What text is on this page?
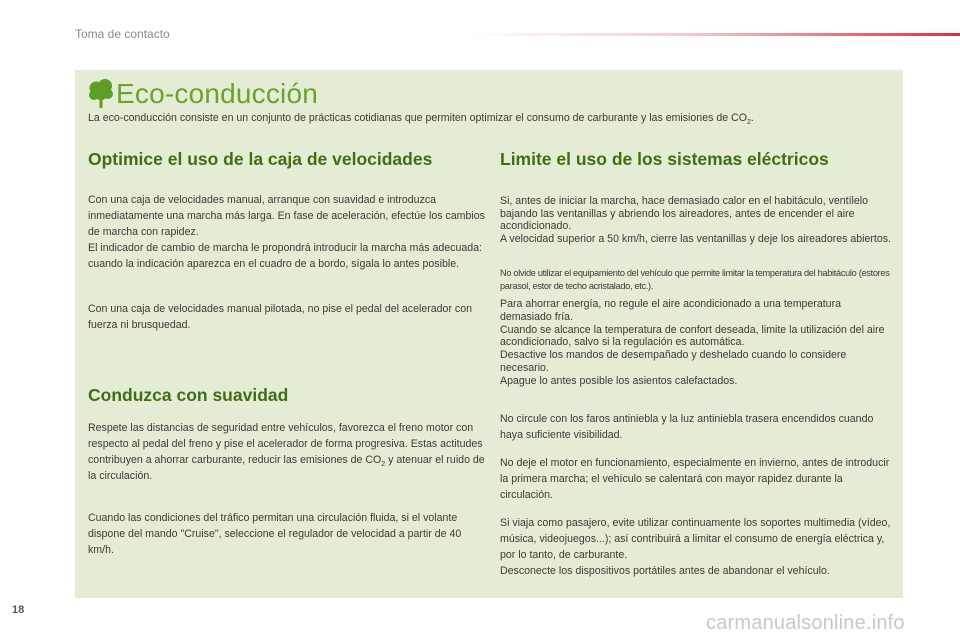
Toma de contacto
Eco-conducción
La eco-conducción consiste en un conjunto de prácticas cotidianas que permiten optimizar el consumo de carburante y las emisiones de $CO_2$.
Optimice el uso de la caja de velocidades
Con una caja de velocidades manual, arranque con suavidad e introduzca inmediatamente una marcha más larga. En fase de aceleración, efectúe los cambios de marcha con rapidez.
El indicador de cambio de marcha le propondrá introducir la marcha más adecuada: cuando la indicación aparezca en el cuadro de a bordo, sígala lo antes posible.
Con una caja de velocidades manual pilotada, no pise el pedal del acelerador con fuerza ni brusquedad.
Conduzca con suavidad
Respete las distancias de seguridad entre vehículos, favorezca el freno motor con respecto al pedal del freno y pise el acelerador de forma progresiva. Estas actitudes contribuyen a ahorrar carburante, reducir las emisiones de $CO_2$ y atenuar el ruido de la circulación.
Cuando las condiciones del tráfico permitan una circulación fluida, si el volante dispone del mando "Cruise", seleccione el regulador de velocidad a partir de 40 km/h.
Limite el uso de los sistemas eléctricos
Si, antes de iniciar la marcha, hace demasiado calor en el habitáculo, ventílelo bajando las ventanillas y abriendo los aireadores, antes de encender el aire acondicionado.
A velocidad superior a 50 km/h, cierre las ventanillas y deje los aireadores abiertos.
No olvide utilizar el equipamiento del vehículo que permite limitar la temperatura del habitáculo (estores parasol, estor de techo acristalado, etc.).
Para ahorrar energía, no regule el aire acondicionado a una temperatura demasiado fría.
Cuando se alcance la temperatura de confort deseada, limite la utilización del aire acondicionado, salvo si la regulación es automática.
Desactive los mandos de desempañado y deshelado cuando lo considere necesario.
Apague lo antes posible los asientos calefactados.
No circule con los faros antiniebla y la luz antiniebla trasera encendidos cuando haya suficiente visibilidad.
No deje el motor en funcionamiento, especialmente en invierno, antes de introducir la primera marcha; el vehículo se calentará con mayor rapidez durante la circulación.
Si viaja como pasajero, evite utilizar continuamente los soportes multimedia (vídeo, música, videojuegos...); así contribuirá a limitar el consumo de energía eléctrica y, por lo tanto, de carburante.
Desconecte los dispositivos portátiles antes de abandonar el vehículo.
18
carmanualsonline.info
